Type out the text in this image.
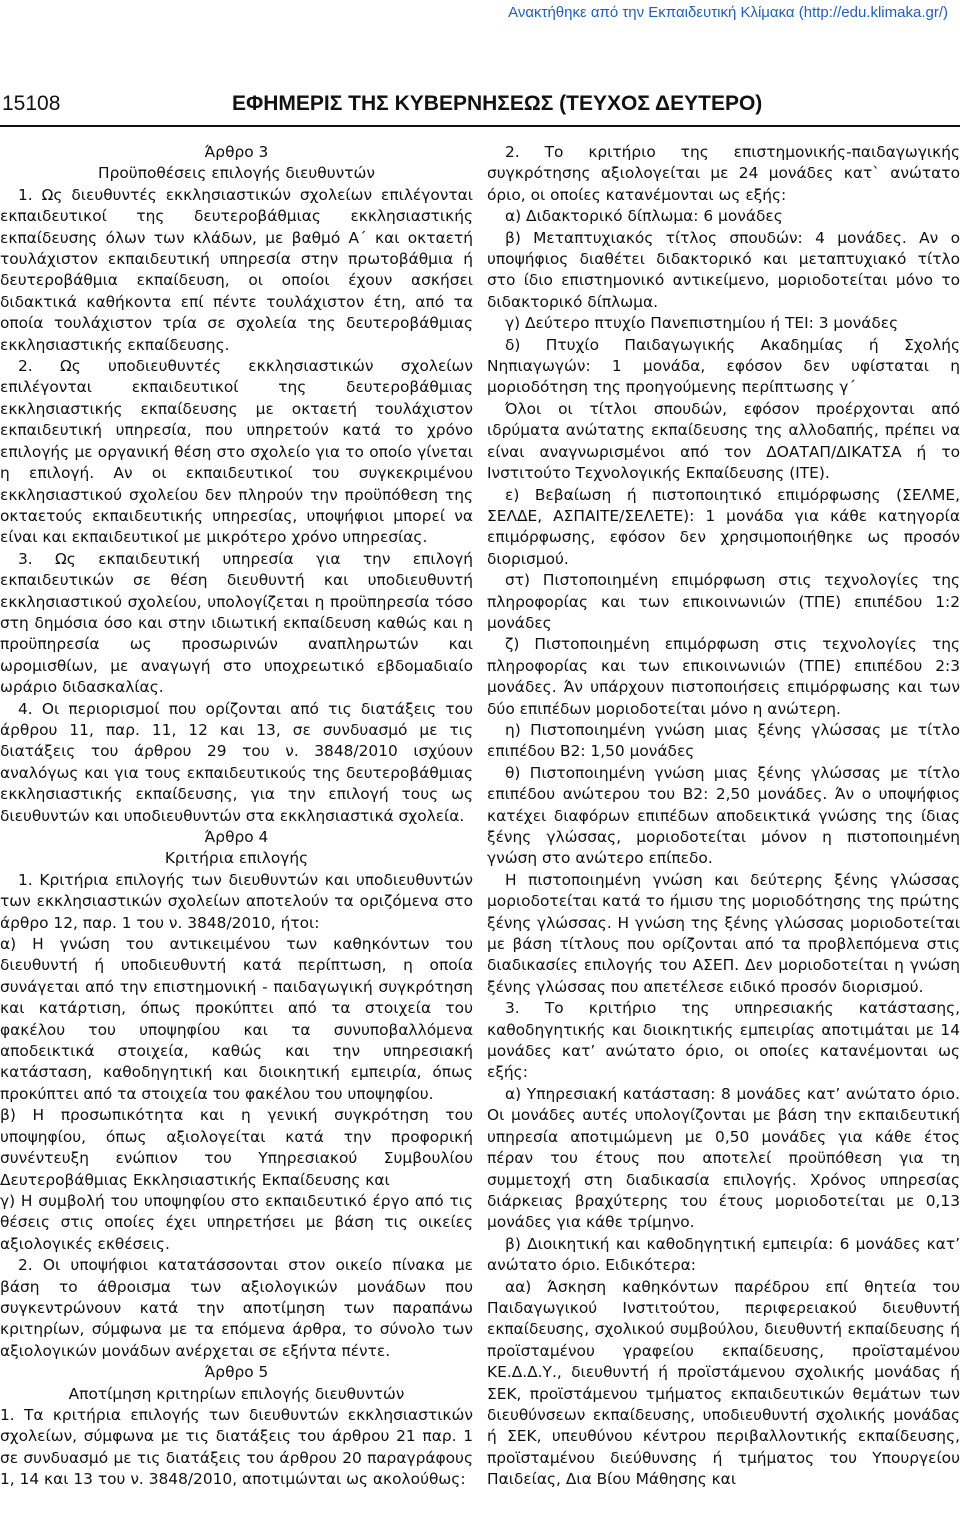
Ανακτήθηκε από την Εκπαιδευτική Κλίμακα (http://edu.klimaka.gr/)
15108	ΕΦΗΜΕΡΙΣ ΤΗΣ ΚΥΒΕΡΝΗΣΕΩΣ (ΤΕΥΧΟΣ ΔΕΥΤΕΡΟ)

Άρθρο 3

Προϋποθέσεις επιλογής διευθυντών

1. Ως διευθυντές εκκλησιαστικών σχολείων επιλέγονται εκπαιδευτικοί της δευτεροβάθμιας εκκλησιαστικής εκπαίδευσης όλων των κλάδων, με βαθμό Α΄ και οκταετή τουλάχιστον εκπαιδευτική υπηρεσία στην πρωτοβάθμια ή δευτεροβάθμια εκπαίδευση, οι οποίοι έχουν ασκήσει διδακτικά καθήκοντα επί πέντε τουλάχιστον έτη, από τα οποία τουλάχιστον τρία σε σχολεία της δευτεροβάθμιας εκκλησιαστικής εκπαίδευσης.

2. Ως υποδιευθυντές εκκλησιαστικών σχολείων επιλέγονται εκπαιδευτικοί της δευτεροβάθμιας εκκλησιαστικής εκπαίδευσης με οκταετή τουλάχιστον εκπαιδευτική υπηρεσία, που υπηρετούν κατά το χρόνο επιλογής με οργανική θέση στο σχολείο για το οποίο γίνεται η επιλογή. Αν οι εκπαιδευτικοί του συγκεκριμένου εκκλησιαστικού σχολείου δεν πληρούν την προϋπόθεση της οκταετούς εκπαιδευτικής υπηρεσίας, υποψήφιοι μπορεί να είναι και εκπαιδευτικοί με μικρότερο χρόνο υπηρεσίας.

3. Ως εκπαιδευτική υπηρεσία για την επιλογή εκπαιδευτικών σε θέση διευθυντή και υποδιευθυντή εκκλησιαστικού σχολείου, υπολογίζεται η προϋπηρεσία τόσο στη δημόσια όσο και στην ιδιωτική εκπαίδευση καθώς και η προϋπηρεσία ως προσωρινών αναπληρωτών και ωρομισθίων, με αναγωγή στο υποχρεωτικό εβδομαδιαίο ωράριο διδασκαλίας.

4. Οι περιορισμοί που ορίζονται από τις διατάξεις του άρθρου 11, παρ. 11, 12 και 13, σε συνδυασμό με τις διατάξεις του άρθρου 29 του ν. 3848/2010 ισχύουν αναλόγως και για τους εκπαιδευτικούς της δευτεροβάθμιας εκκλησιαστικής εκπαίδευσης, για την επιλογή τους ως διευθυντών και υποδιευθυντών στα εκκλησιαστικά σχολεία.

Άρθρο 4

Κριτήρια επιλογής

1. Κριτήρια επιλογής των διευθυντών και υποδιευθυντών των εκκλησιαστικών σχολείων αποτελούν τα οριζόμενα στο άρθρο 12, παρ. 1 του ν. 3848/2010, ήτοι:

α) Η γνώση του αντικειμένου των καθηκόντων του διευθυντή ή υποδιευθυντή κατά περίπτωση, η οποία συνάγεται από την επιστημονική - παιδαγωγική συγκρότηση και κατάρτιση, όπως προκύπτει από τα στοιχεία του φακέλου του υποψηφίου και τα συνυποβαλλόμενα αποδεικτικά στοιχεία, καθώς και την υπηρεσιακή κατάσταση, καθοδηγητική και διοικητική εμπειρία, όπως προκύπτει από τα στοιχεία του φακέλου του υποψηφίου.

β) Η προσωπικότητα και η γενική συγκρότηση του υποψηφίου, όπως αξιολογείται κατά την προφορική συνέντευξη ενώπιον του Υπηρεσιακού Συμβουλίου Δευτεροβάθμιας Εκκλησιαστικής Εκπαίδευσης και

γ) Η συμβολή του υποψηφίου στο εκπαιδευτικό έργο από τις θέσεις στις οποίες έχει υπηρετήσει με βάση τις οικείες αξιολογικές εκθέσεις.

2. Οι υποψήφιοι κατατάσσονται στον οικείο πίνακα με βάση το άθροισμα των αξιολογικών μονάδων που συγκεντρώνουν κατά την αποτίμηση των παραπάνω κριτηρίων, σύμφωνα με τα επόμενα άρθρα, το σύνολο των αξιολογικών μονάδων ανέρχεται σε εξήντα πέντε.

Άρθρο 5

Αποτίμηση κριτηρίων επιλογής διευθυντών

1. Τα κριτήρια επιλογής των διευθυντών εκκλησιαστικών σχολείων, σύμφωνα με τις διατάξεις του άρθρου 21 παρ. 1 σε συνδυασμό με τις διατάξεις του άρθρου 20 παραγράφους 1, 14 και 13 του ν. 3848/2010, αποτιμώνται ως ακολούθως:

2. Το κριτήριο της επιστημονικής-παιδαγωγικής συγκρότησης αξιολογείται με 24 μονάδες κατ` ανώτατο όριο, οι οποίες κατανέμονται ως εξής:

α) Διδακτορικό δίπλωμα: 6 μονάδες

β) Μεταπτυχιακός τίτλος σπουδών: 4 μονάδες. Αν ο υποψήφιος διαθέτει διδακτορικό και μεταπτυχιακό τίτλο στο ίδιο επιστημονικό αντικείμενο, μοριοδοτείται μόνο το διδακτορικό δίπλωμα.

γ) Δεύτερο πτυχίο Πανεπιστημίου ή ΤΕΙ: 3 μονάδες

δ) Πτυχίο Παιδαγωγικής Ακαδημίας ή Σχολής Νηπιαγωγών: 1 μονάδα, εφόσον δεν υφίσταται η μοριοδότηση της προηγούμενης περίπτωσης γ΄

Όλοι οι τίτλοι σπουδών, εφόσον προέρχονται από ιδρύματα ανώτατης εκπαίδευσης της αλλοδαπής, πρέπει να είναι αναγνωρισμένοι από τον ΔΟΑΤΑΠ/ΔΙΚΑΤΣΑ ή το Ινστιτούτο Τεχνολογικής Εκπαίδευσης (ΙΤΕ).

ε) Βεβαίωση ή πιστοποιητικό επιμόρφωσης (ΣΕΛΜΕ, ΣΕΛΔΕ, ΑΣΠΑΙΤΕ/ΣΕΛΕΤΕ): 1 μονάδα για κάθε κατηγορία επιμόρφωσης, εφόσον δεν χρησιμοποιήθηκε ως προσόν διορισμού.

στ) Πιστοποιημένη επιμόρφωση στις τεχνολογίες της πληροφορίας και των επικοινωνιών (ΤΠΕ) επιπέδου 1:2 μονάδες

ζ) Πιστοποιημένη επιμόρφωση στις τεχνολογίες της πληροφορίας και των επικοινωνιών (ΤΠΕ) επιπέδου 2:3 μονάδες. Άν υπάρχουν πιστοποιήσεις επιμόρφωσης και των δύο επιπέδων μοριοδοτείται μόνο η ανώτερη.

η) Πιστοποιημένη γνώση μιας ξένης γλώσσας με τίτλο επιπέδου Β2: 1,50 μονάδες

θ) Πιστοποιημένη γνώση μιας ξένης γλώσσας με τίτλο επιπέδου ανώτερου του Β2: 2,50 μονάδες. Άν ο υποψήφιος κατέχει διαφόρων επιπέδων αποδεικτικά γνώσης της ίδιας ξένης γλώσσας, μοριοδοτείται μόνον η πιστοποιημένη γνώση στο ανώτερο επίπεδο.

Η πιστοποιημένη γνώση και δεύτερης ξένης γλώσσας μοριοδοτείται κατά το ήμισυ της μοριοδότησης της πρώτης ξένης γλώσσας. Η γνώση της ξένης γλώσσας μοριοδοτείται με βάση τίτλους που ορίζονται από τα προβλεπόμενα στις διαδικασίες επιλογής του ΑΣΕΠ. Δεν μοριοδοτείται η γνώση ξένης γλώσσας που απετέλεσε ειδικό προσόν διορισμού.

3. Το κριτήριο της υπηρεσιακής κατάστασης, καθοδηγητικής και διοικητικής εμπειρίας αποτιμάται με 14 μονάδες κατ’ ανώτατο όριο, οι οποίες κατανέμονται ως εξής:

α) Υπηρεσιακή κατάσταση: 8 μονάδες κατ’ ανώτατο όριο. Οι μονάδες αυτές υπολογίζονται με βάση την εκπαιδευτική υπηρεσία αποτιμώμενη με 0,50 μονάδες για κάθε έτος πέραν του έτους που αποτελεί προϋπόθεση για τη συμμετοχή στη διαδικασία επιλογής. Χρόνος υπηρεσίας διάρκειας βραχύτερης του έτους μοριοδοτείται με 0,13 μονάδες για κάθε τρίμηνο.

β) Διοικητική και καθοδηγητική εμπειρία: 6 μονάδες κατ’ ανώτατο όριο. Ειδικότερα:

αα) Άσκηση καθηκόντων παρέδρου επί θητεία του Παιδαγωγικού Ινστιτούτου, περιφερειακού διευθυντή εκπαίδευσης, σχολικού συμβούλου, διευθυντή εκπαίδευσης ή προϊσταμένου γραφείου εκπαίδευσης, προϊσταμένου ΚΕ.Δ.Δ.Υ., διευθυντή ή προϊστάμενου σχολικής μονάδας ή ΣΕΚ, προϊστάμενου τμήματος εκπαιδευτικών θεμάτων των διευθύνσεων εκπαίδευσης, υποδιευθυντή σχολικής μονάδας ή ΣΕΚ, υπευθύνου κέντρου περιβαλλοντικής εκπαίδευσης, προϊσταμένου διεύθυνσης ή τμήματος του Υπουργείου Παιδείας, Δια Βίου Μάθησης και
